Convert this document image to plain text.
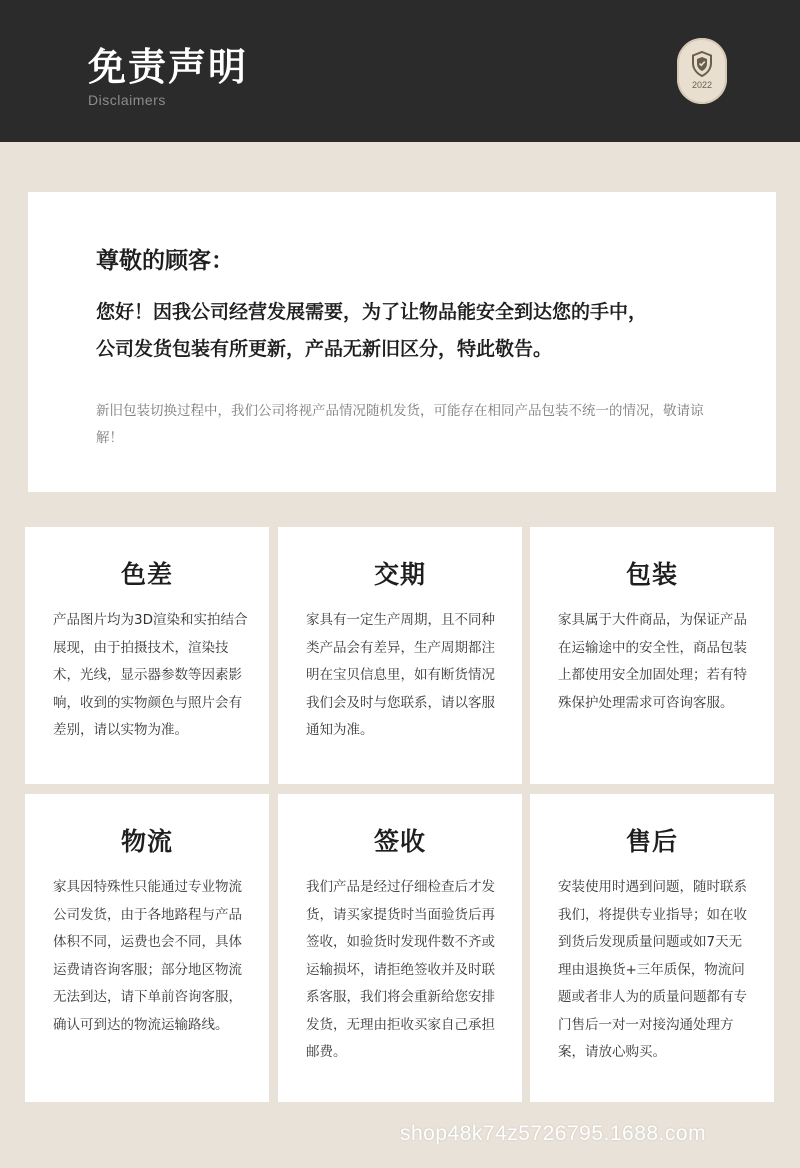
免责声明
Disclaimers
2022
尊敬的顾客：
您好！因我公司经营发展需要，为了让物品能安全到达您的手中，
公司发货包装有所更新，产品无新旧区分，特此敬告。
新旧包装切换过程中，我们公司将视产品情况随机发货，可能存在相同产品包装不统一的情况，敬请谅解！
色差
产品图片均为3D渲染和实拍结合展现，由于拍摄技术，渲染技术，光线，显示器参数等因素影响，收到的实物颜色与照片会有差别，请以实物为准。
交期
家具有一定生产周期，且不同种类产品会有差异，生产周期都注明在宝贝信息里，如有断货情况我们会及时与您联系，请以客服通知为准。
包装
家具属于大件商品，为保证产品在运输途中的安全性，商品包装上都使用安全加固处理；若有特殊保护处理需求可咨询客服。
物流
家具因特殊性只能通过专业物流公司发货，由于各地路程与产品体积不同，运费也会不同，具体运费请咨询客服；部分地区物流无法到达，请下单前咨询客服，确认可到达的物流运输路线。
签收
我们产品是经过仔细检查后才发货，请买家提货时当面验货后再签收，如验货时发现件数不齐或运输损坏，请拒绝签收并及时联系客服，我们将会重新给您安排发货，无理由拒收买家自己承担邮费。
售后
安装使用时遇到问题，随时联系我们，将提供专业指导；如在收到货后发现质量问题或如7天无理由退换货+三年质保，物流问题或者非人为的质量问题都有专门售后一对一对接沟通处理方案，请放心购买。
shop48k74z5726795.1688.com
